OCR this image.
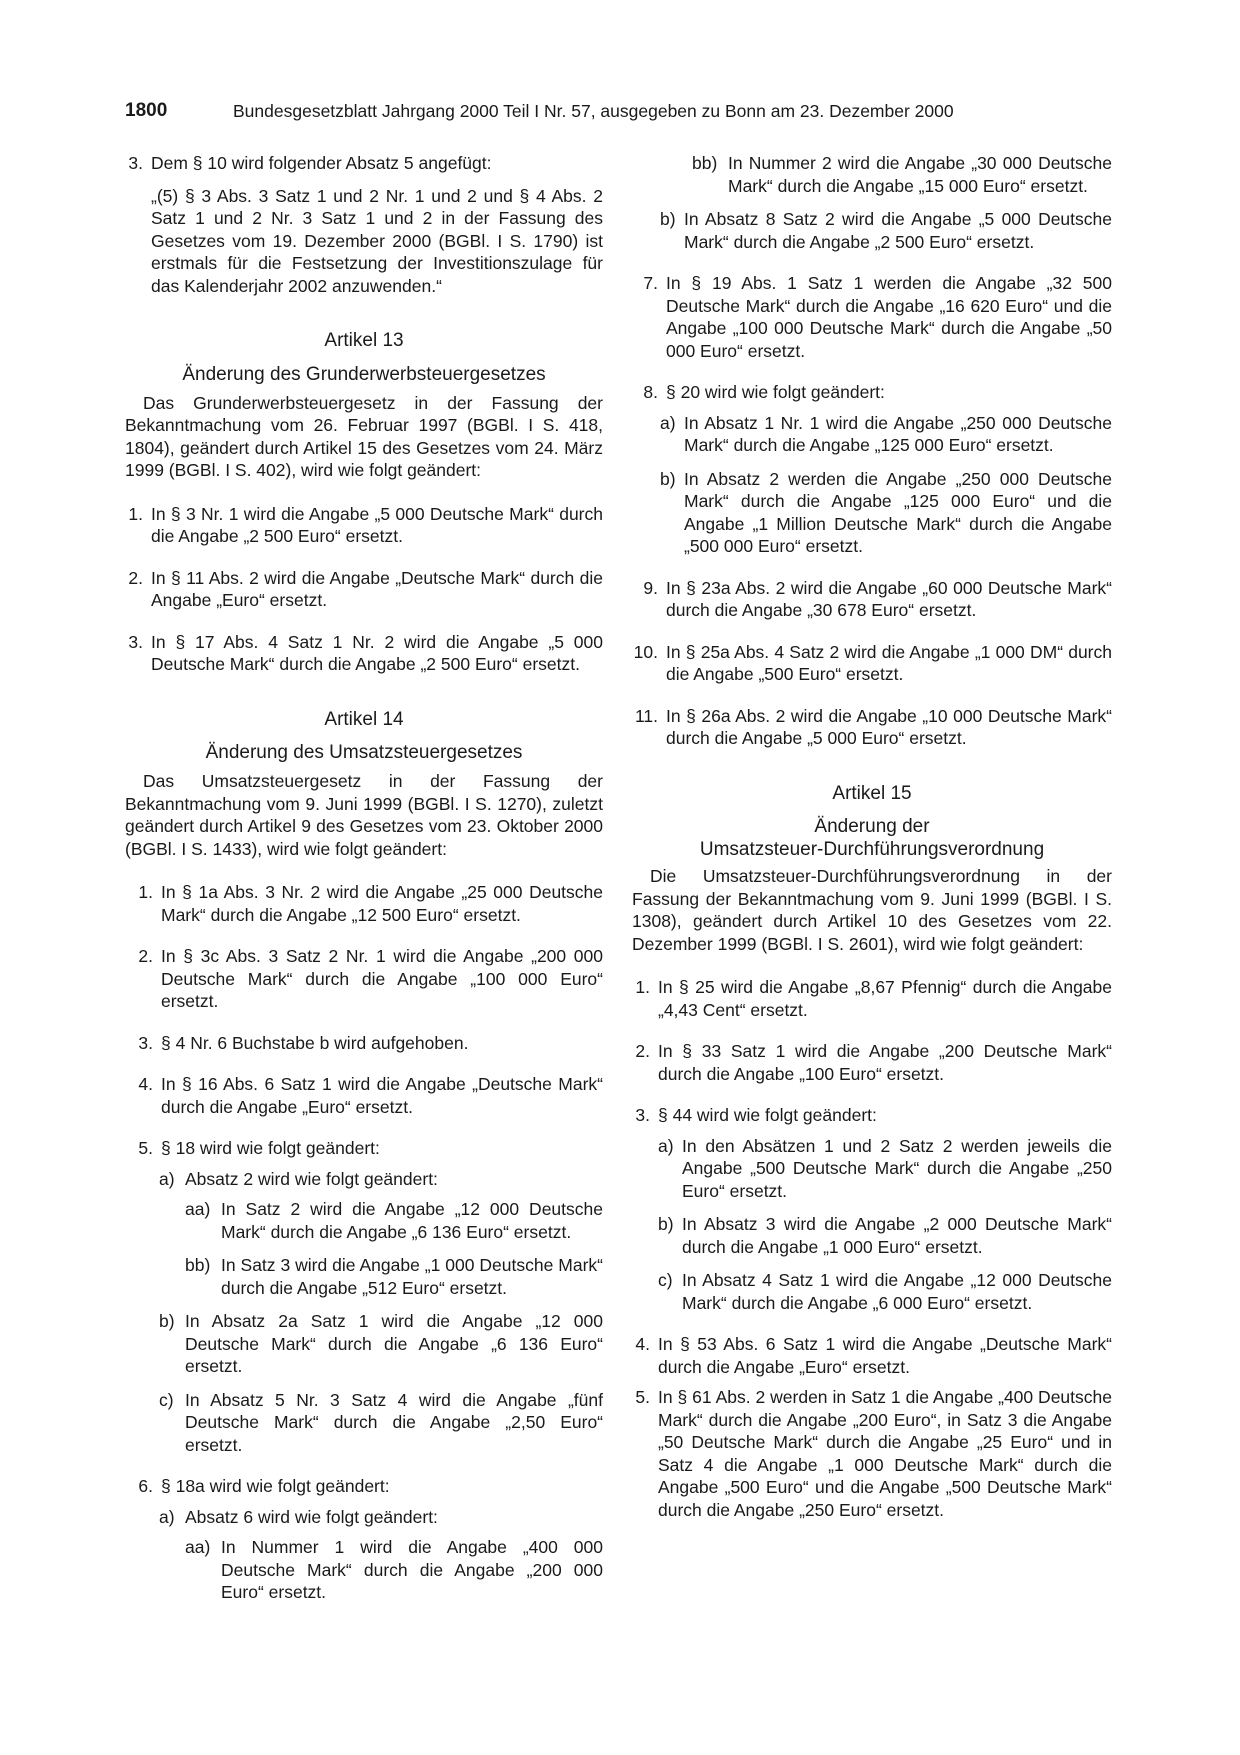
1800	Bundesgesetzblatt Jahrgang 2000 Teil I Nr. 57, ausgegeben zu Bonn am 23. Dezember 2000
3. Dem § 10 wird folgender Absatz 5 angefügt:
„(5) § 3 Abs. 3 Satz 1 und 2 Nr. 1 und 2 und § 4 Abs. 2 Satz 1 und 2 Nr. 3 Satz 1 und 2 in der Fassung des Gesetzes vom 19. Dezember 2000 (BGBl. I S. 1790) ist erstmals für die Festsetzung der Investitionszulage für das Kalenderjahr 2002 anzuwenden.“
Artikel 13
Änderung des Grunderwerbsteuergesetzes
Das Grunderwerbsteuergesetz in der Fassung der Bekanntmachung vom 26. Februar 1997 (BGBl. I S. 418, 1804), geändert durch Artikel 15 des Gesetzes vom 24. März 1999 (BGBl. I S. 402), wird wie folgt geändert:
1. In § 3 Nr. 1 wird die Angabe „5 000 Deutsche Mark“ durch die Angabe „2 500 Euro“ ersetzt.
2. In § 11 Abs. 2 wird die Angabe „Deutsche Mark“ durch die Angabe „Euro“ ersetzt.
3. In § 17 Abs. 4 Satz 1 Nr. 2 wird die Angabe „5 000 Deutsche Mark“ durch die Angabe „2 500 Euro“ ersetzt.
Artikel 14
Änderung des Umsatzsteuergesetzes
Das Umsatzsteuergesetz in der Fassung der Bekanntmachung vom 9. Juni 1999 (BGBl. I S. 1270), zuletzt geändert durch Artikel 9 des Gesetzes vom 23. Oktober 2000 (BGBl. I S. 1433), wird wie folgt geändert:
1. In § 1a Abs. 3 Nr. 2 wird die Angabe „25 000 Deutsche Mark“ durch die Angabe „12 500 Euro“ ersetzt.
2. In § 3c Abs. 3 Satz 2 Nr. 1 wird die Angabe „200 000 Deutsche Mark“ durch die Angabe „100 000 Euro“ ersetzt.
3. § 4 Nr. 6 Buchstabe b wird aufgehoben.
4. In § 16 Abs. 6 Satz 1 wird die Angabe „Deutsche Mark“ durch die Angabe „Euro“ ersetzt.
5. § 18 wird wie folgt geändert:
a) Absatz 2 wird wie folgt geändert:
aa) In Satz 2 wird die Angabe „12 000 Deutsche Mark“ durch die Angabe „6 136 Euro“ ersetzt.
bb) In Satz 3 wird die Angabe „1 000 Deutsche Mark“ durch die Angabe „512 Euro“ ersetzt.
b) In Absatz 2a Satz 1 wird die Angabe „12 000 Deutsche Mark“ durch die Angabe „6 136 Euro“ ersetzt.
c) In Absatz 5 Nr. 3 Satz 4 wird die Angabe „fünf Deutsche Mark“ durch die Angabe „2,50 Euro“ ersetzt.
6. § 18a wird wie folgt geändert:
a) Absatz 6 wird wie folgt geändert:
aa) In Nummer 1 wird die Angabe „400 000 Deutsche Mark“ durch die Angabe „200 000 Euro“ ersetzt.
bb) In Nummer 2 wird die Angabe „30 000 Deutsche Mark“ durch die Angabe „15 000 Euro“ ersetzt.
b) In Absatz 8 Satz 2 wird die Angabe „5 000 Deutsche Mark“ durch die Angabe „2 500 Euro“ ersetzt.
7. In § 19 Abs. 1 Satz 1 werden die Angabe „32 500 Deutsche Mark“ durch die Angabe „16 620 Euro“ und die Angabe „100 000 Deutsche Mark“ durch die Angabe „50 000 Euro“ ersetzt.
8. § 20 wird wie folgt geändert:
a) In Absatz 1 Nr. 1 wird die Angabe „250 000 Deutsche Mark“ durch die Angabe „125 000 Euro“ ersetzt.
b) In Absatz 2 werden die Angabe „250 000 Deutsche Mark“ durch die Angabe „125 000 Euro“ und die Angabe „1 Million Deutsche Mark“ durch die Angabe „500 000 Euro“ ersetzt.
9. In § 23a Abs. 2 wird die Angabe „60 000 Deutsche Mark“ durch die Angabe „30 678 Euro“ ersetzt.
10. In § 25a Abs. 4 Satz 2 wird die Angabe „1 000 DM“ durch die Angabe „500 Euro“ ersetzt.
11. In § 26a Abs. 2 wird die Angabe „10 000 Deutsche Mark“ durch die Angabe „5 000 Euro“ ersetzt.
Artikel 15
Änderung der
Umsatzsteuer-Durchführungsverordnung
Die Umsatzsteuer-Durchführungsverordnung in der Fassung der Bekanntmachung vom 9. Juni 1999 (BGBl. I S. 1308), geändert durch Artikel 10 des Gesetzes vom 22. Dezember 1999 (BGBl. I S. 2601), wird wie folgt geändert:
1. In § 25 wird die Angabe „8,67 Pfennig“ durch die Angabe „4,43 Cent“ ersetzt.
2. In § 33 Satz 1 wird die Angabe „200 Deutsche Mark“ durch die Angabe „100 Euro“ ersetzt.
3. § 44 wird wie folgt geändert:
a) In den Absätzen 1 und 2 Satz 2 werden jeweils die Angabe „500 Deutsche Mark“ durch die Angabe „250 Euro“ ersetzt.
b) In Absatz 3 wird die Angabe „2 000 Deutsche Mark“ durch die Angabe „1 000 Euro“ ersetzt.
c) In Absatz 4 Satz 1 wird die Angabe „12 000 Deutsche Mark“ durch die Angabe „6 000 Euro“ ersetzt.
4. In § 53 Abs. 6 Satz 1 wird die Angabe „Deutsche Mark“ durch die Angabe „Euro“ ersetzt.
5. In § 61 Abs. 2 werden in Satz 1 die Angabe „400 Deutsche Mark“ durch die Angabe „200 Euro“, in Satz 3 die Angabe „50 Deutsche Mark“ durch die Angabe „25 Euro“ und in Satz 4 die Angabe „1 000 Deutsche Mark“ durch die Angabe „500 Euro“ und die Angabe „500 Deutsche Mark“ durch die Angabe „250 Euro“ ersetzt.
